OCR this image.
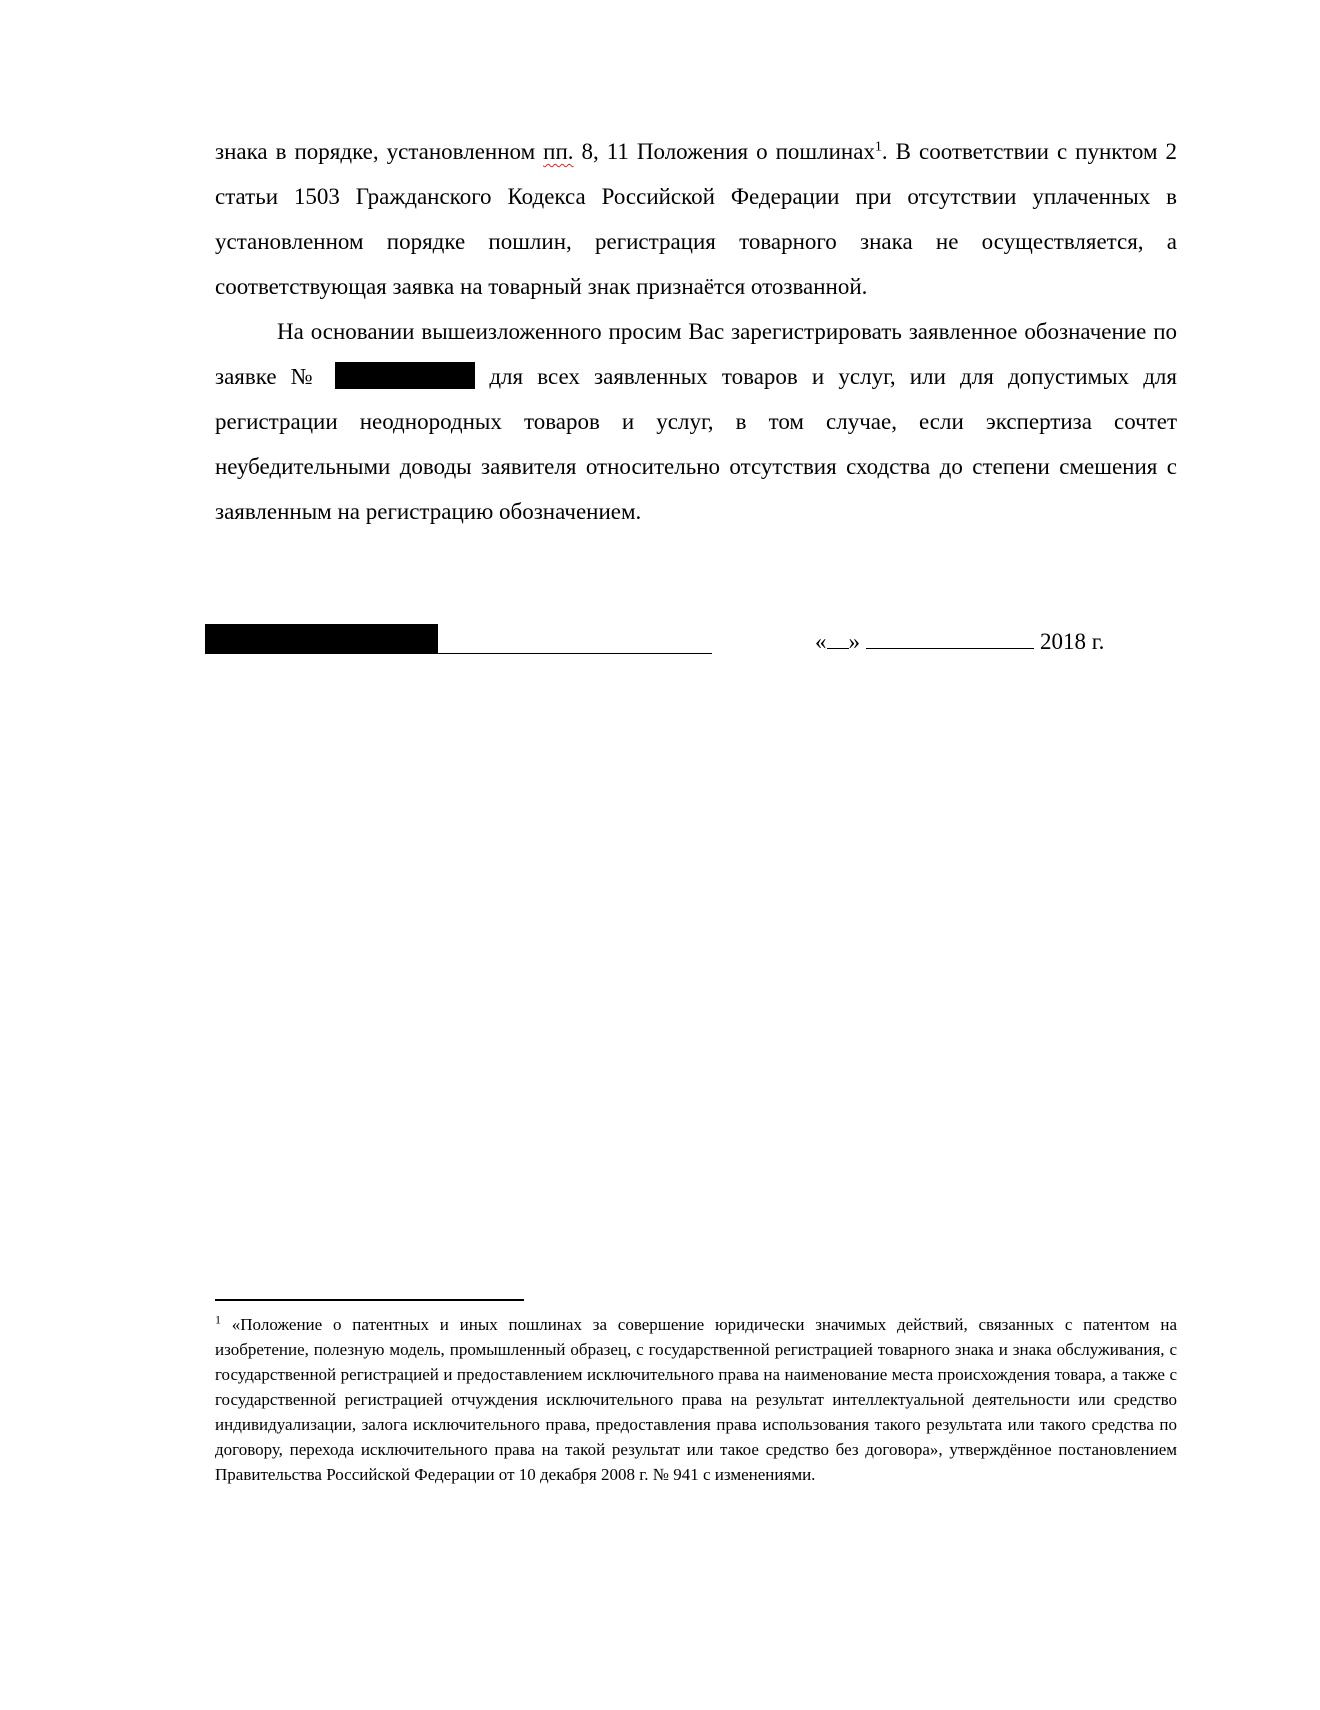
знака в порядке, установленном пп. 8, 11 Положения о пошлинах$^1$. В соответствии с пунктом 2 статьи 1503 Гражданского Кодекса Российской Федерации при отсутствии уплаченных в установленном порядке пошлин, регистрация товарного знака не осуществляется, а соответствующая заявка на товарный знак признаётся отозванной.

На основании вышеизложенного просим Вас зарегистрировать заявленное обозначение по заявке №	для всех заявленных товаров и услуг, или для допустимых для регистрации неоднородных товаров и услуг, в том случае, если экспертиза сочтет неубедительными доводы заявителя относительно отсутствия сходства до степени смешения с заявленным на регистрацию обозначением.

« »	2018 г.
$^1$ «Положение о патентных и иных пошлинах за совершение юридически значимых действий, связанных с патентом на изобретение, полезную модель, промышленный образец, с государственной регистрацией товарного знака и знака обслуживания, с государственной регистрацией и предоставлением исключительного права на наименование места происхождения товара, а также с государственной регистрацией отчуждения исключительного права на результат интеллектуальной деятельности или средство индивидуализации, залога исключительного права, предоставления права использования такого результата или такого средства по договору, перехода исключительного права на такой результат или такое средство без договора», утверждённое постановлением Правительства Российской Федерации от 10 декабря 2008 г. № 941 с изменениями.
